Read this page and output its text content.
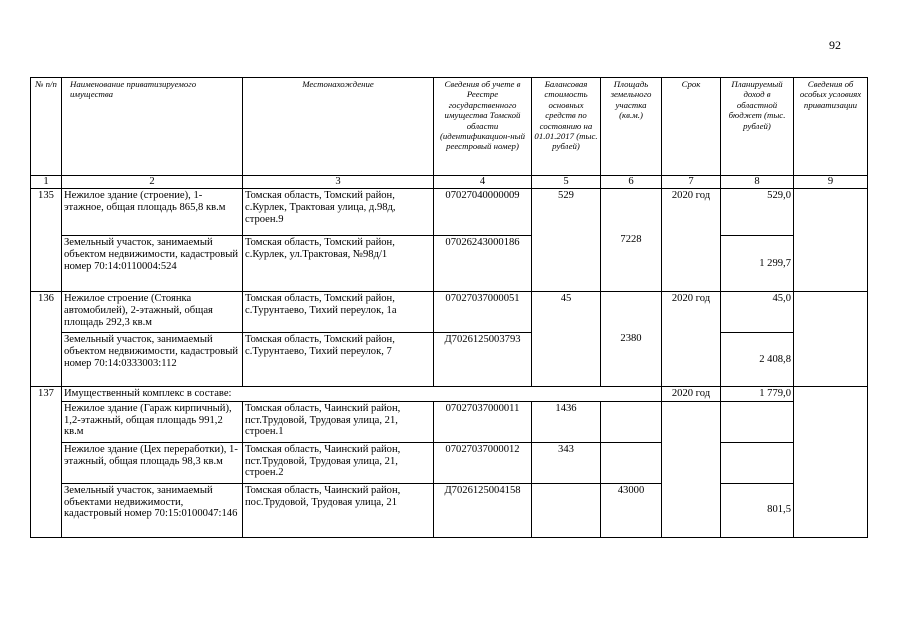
92
№ п/п	Наименование приватизируемого имущества	Местонахождение	Сведения об учете в Реестре государственного имущества Томской области (идентификацион-ный реестровый номер)	Балансовая стоимость основных средств по состоянию на 01.01.2017 (тыс. рублей)	Площадь земельного участка (кв.м.)	Срок	Планируемый доход в областной бюджет (тыс. рублей)	Сведения об особых условиях приватизации
1	2	3	4	5	6	7	8	9
135	Нежилое здание (строение), 1-этажное, общая площадь 865,8 кв.м	Томская область, Томский район, с.Курлек, Трактовая улица, д.98д, строен.9	07027040000009	529	7228	2020 год	529,0	
	Земельный участок, занимаемый объектом недвижимости, кадастровый номер 70:14:0110004:524	Томская область, Томский район, с.Курлек, ул.Трактовая, №98д/1	07026243000186				1 299,7	
136	Нежилое строение (Стоянка автомобилей), 2-этажный, общая площадь 292,3 кв.м	Томская область, Томский район, с.Турунтаево, Тихий переулок, 1а	07027037000051	45	2380	2020 год	45,0	
	Земельный участок, занимаемый объектом недвижимости, кадастровый номер 70:14:0333003:112	Томская область, Томский район, с.Турунтаево, Тихий переулок, 7	Д7026125003793				2 408,8	
137	Имущественный комплекс в составе:					2020 год	1 779,0	
	Нежилое здание (Гараж кирпичный), 1,2-этажный, общая площадь 991,2 кв.м	Томская область, Чаинский район, пст.Трудовой, Трудовая улица, 21, строен.1	07027037000011	1436				
	Нежилое здание (Цех переработки), 1-этажный, общая площадь 98,3 кв.м	Томская область, Чаинский район, пст.Трудовой, Трудовая улица, 21, строен.2	07027037000012	343				
	Земельный участок, занимаемый объектами недвижимости, кадастровый номер 70:15:0100047:146	Томская область, Чаинский район, пос.Трудовой, Трудовая улица, 21	Д7026125004158		43000		801,5	
